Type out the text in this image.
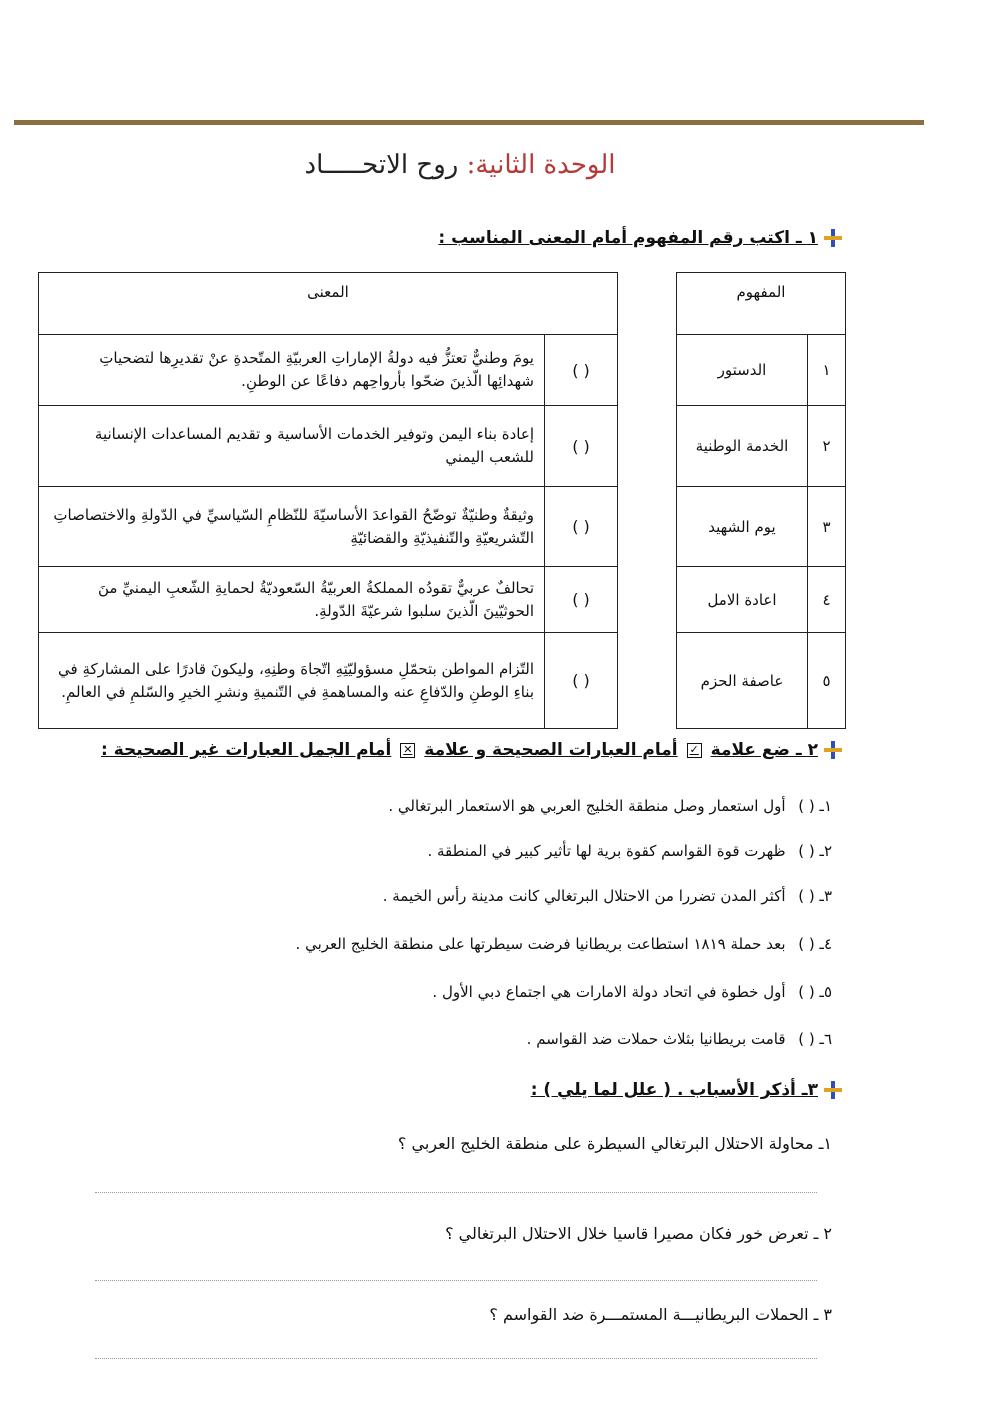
الوحدة الثانية: روح الاتحـــــاد
١ ـ اكتب رقم المفهوم أمام المعنى المناسب :
المعنى	
( )	يومَ وطنيٌّ تعتزُّ فيه دولةُ الإماراتِ العربيّةِ المتّحدةِ عنْ تقديرِها لتضحياتِ شهدائِها الّذينَ ضحّوا بأرواحِهم دفاعًا عن الوطنِ.
( )	إعادة بناء اليمن وتوفير الخدمات الأساسية و تقديم المساعدات الإنسانية للشعب اليمني
( )	وثيقةٌ وطنيّةٌ توضّحُ القواعدَ الأساسيّةَ للنّظامِ السّياسيِّ في الدّولةِ والاختصاصاتِ التّشريعيّةِ والتّنفيذيّةِ والقضائيّةِ
( )	تحالفٌ عربيٌّ تقودُه المملكةُ العربيّةُ السّعوديّةُ لحمايةِ الشّعبِ اليمنيِّ منَ الحوثيّينَ الّذينَ سلبوا شرعيّةَ الدّولةِ.
( )	التّزام المواطن بتحمّلِ مسؤوليّتِهِ اتّجاهَ وطنِهِ، وليكونَ قادرًا على المشاركةِ في بناءِ الوطنِ والدّفاعِ عنه والمساهمةِ في التّنميةِ ونشرِ الخيرِ والسّلمِ في العالمِ.
المفهوم	
١	الدستور
٢	الخدمة الوطنية
٣	يوم الشهيد
٤	اعادة الامل
٥	عاصفة الحزم
٢ ـ ضع علامة
✓
أمام العبارات الصحيحة و علامة
✕
أمام الجمل العبارات غير الصحيحة :
١ـ ( ) أول استعمار وصل منطقة الخليج العربي هو الاستعمار البرتغالي .
٢ـ ( ) ظهرت قوة القواسم كقوة برية لها تأثير كبير في المنطقة .
٣ـ ( ) أكثر المدن تضررا من الاحتلال البرتغالي كانت مدينة رأس الخيمة .
٤ـ ( ) بعد حملة ١٨١٩ استطاعت بريطانيا فرضت سيطرتها على منطقة الخليج العربي .
٥ـ ( ) أول خطوة في اتحاد دولة الامارات هي اجتماع دبي الأول .
٦ـ ( ) قامت بريطانيا بثلاث حملات ضد القواسم .
٣ـ أذكر الأسباب . ( علل لما يلي ) :
١ـ محاولة الاحتلال البرتغالي السيطرة على منطقة الخليج العربي ؟
٢ ـ تعرض خور فكان مصيرا قاسيا خلال الاحتلال البرتغالي ؟
٣ ـ الحملات البريطانيـــة المستمـــرة ضد القواسم ؟
